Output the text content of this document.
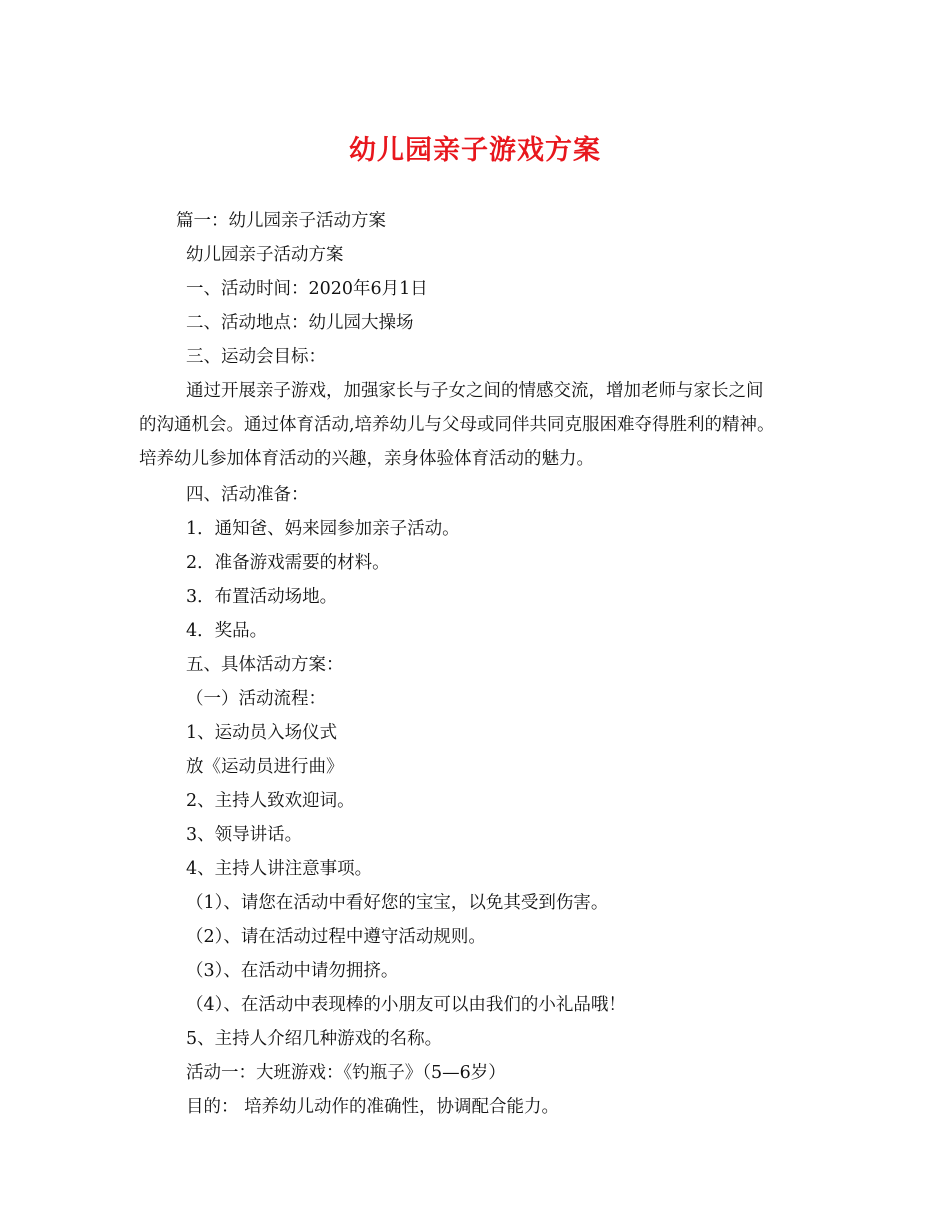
幼儿园亲子游戏方案
篇一：幼儿园亲子活动方案
幼儿园亲子活动方案
一、活动时间：2020年6月1日
二、活动地点：幼儿园大操场
三、运动会目标：
通过开展亲子游戏，加强家长与子女之间的情感交流，增加老师与家长之间
的沟通机会。通过体育活动,培养幼儿与父母或同伴共同克服困难夺得胜利的精神。
培养幼儿参加体育活动的兴趣，亲身体验体育活动的魅力。
四、活动准备：
1．通知爸、妈来园参加亲子活动。
2．准备游戏需要的材料。
3．布置活动场地。
4．奖品。
五、具体活动方案：
（一）活动流程：
1、运动员入场仪式
放《运动员进行曲》
2、主持人致欢迎词。
3、领导讲话。
4、主持人讲注意事项。
（1）、请您在活动中看好您的宝宝，以免其受到伤害。
（2）、请在活动过程中遵守活动规则。
（3）、在活动中请勿拥挤。
（4）、在活动中表现棒的小朋友可以由我们的小礼品哦！
5、主持人介绍几种游戏的名称。
活动一：大班游戏：《钓瓶子》（5—6岁）
目的： 培养幼儿动作的准确性，协调配合能力。
